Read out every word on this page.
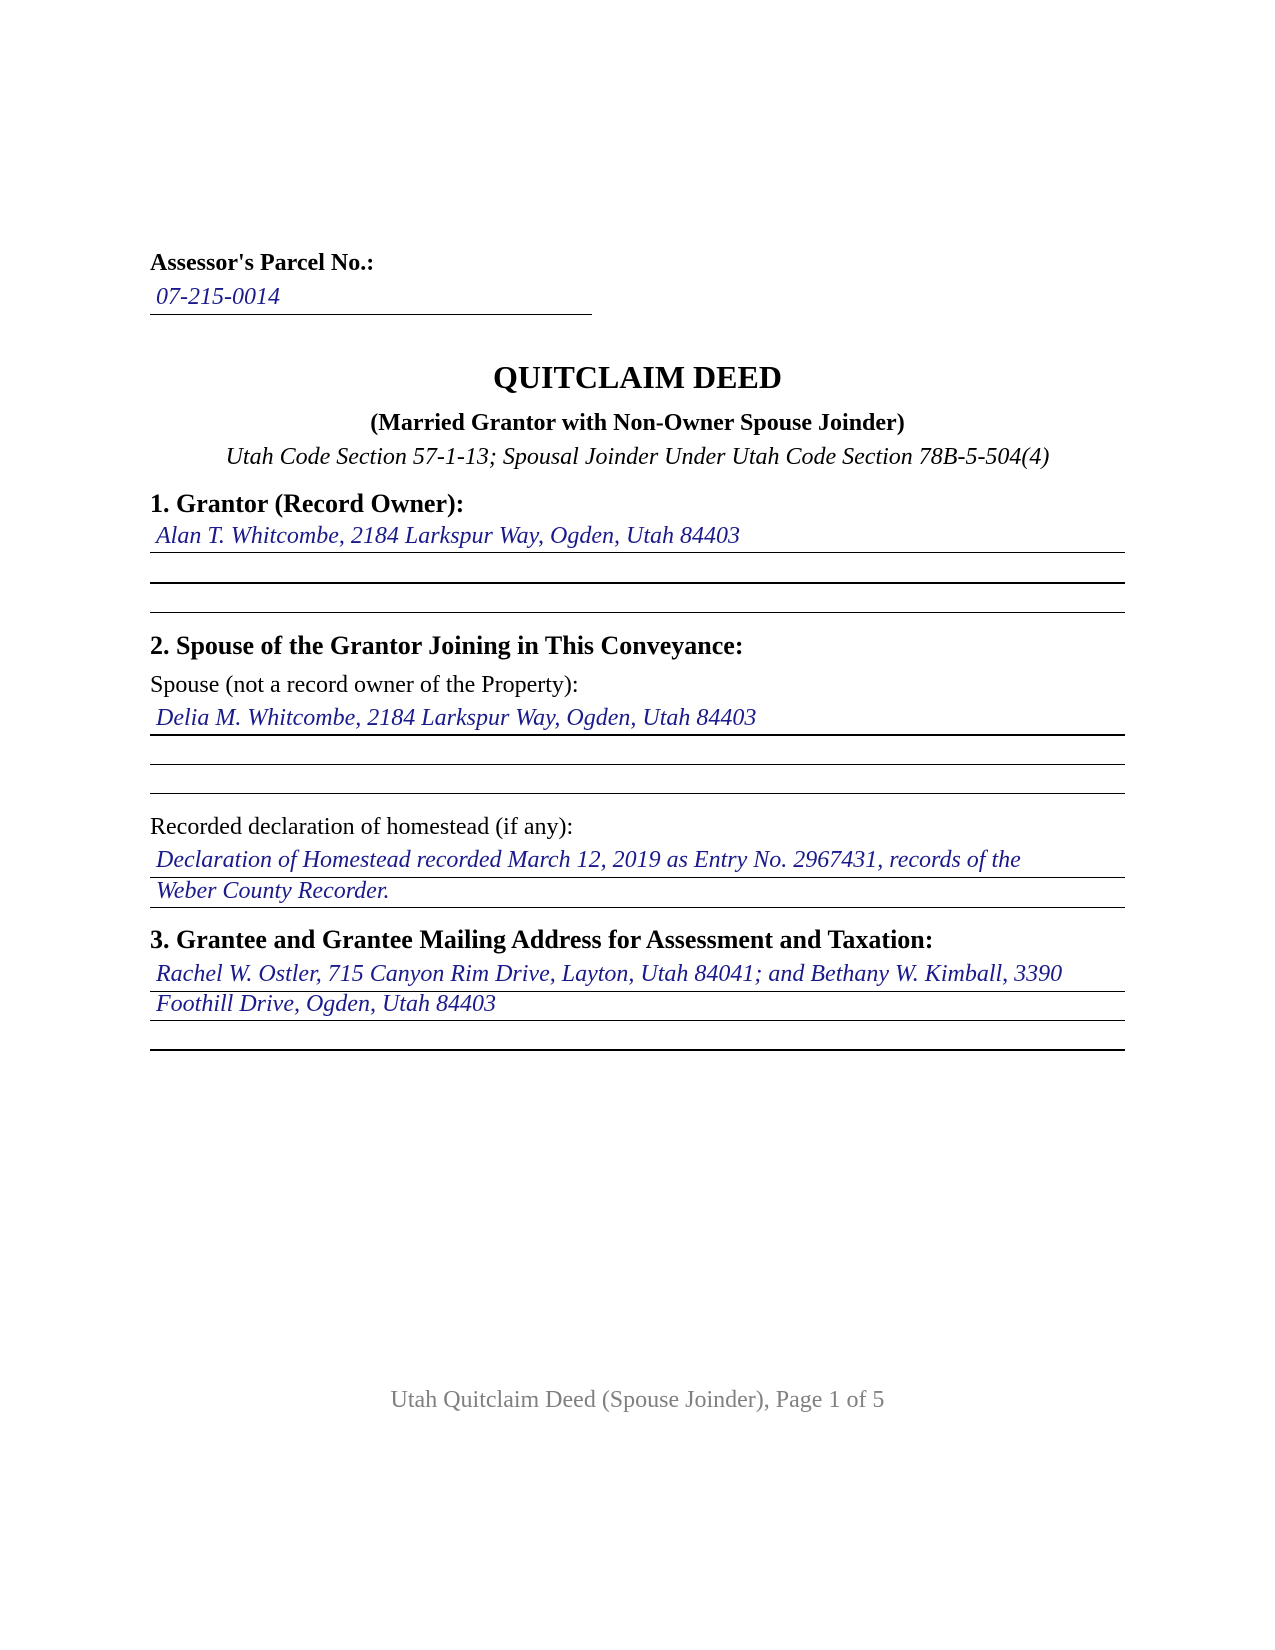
Assessor's Parcel No.:
07-215-0014
QUITCLAIM DEED
(Married Grantor with Non-Owner Spouse Joinder)
Utah Code Section 57-1-13; Spousal Joinder Under Utah Code Section 78B-5-504(4)
1. Grantor (Record Owner):
Alan T. Whitcombe, 2184 Larkspur Way, Ogden, Utah 84403
2. Spouse of the Grantor Joining in This Conveyance:
Spouse (not a record owner of the Property):
Delia M. Whitcombe, 2184 Larkspur Way, Ogden, Utah 84403
Recorded declaration of homestead (if any):
Declaration of Homestead recorded March 12, 2019 as Entry No. 2967431, records of the
Weber County Recorder.
3. Grantee and Grantee Mailing Address for Assessment and Taxation:
Rachel W. Ostler, 715 Canyon Rim Drive, Layton, Utah 84041; and Bethany W. Kimball, 3390
Foothill Drive, Ogden, Utah 84403
Utah Quitclaim Deed (Spouse Joinder), Page 1 of 5
